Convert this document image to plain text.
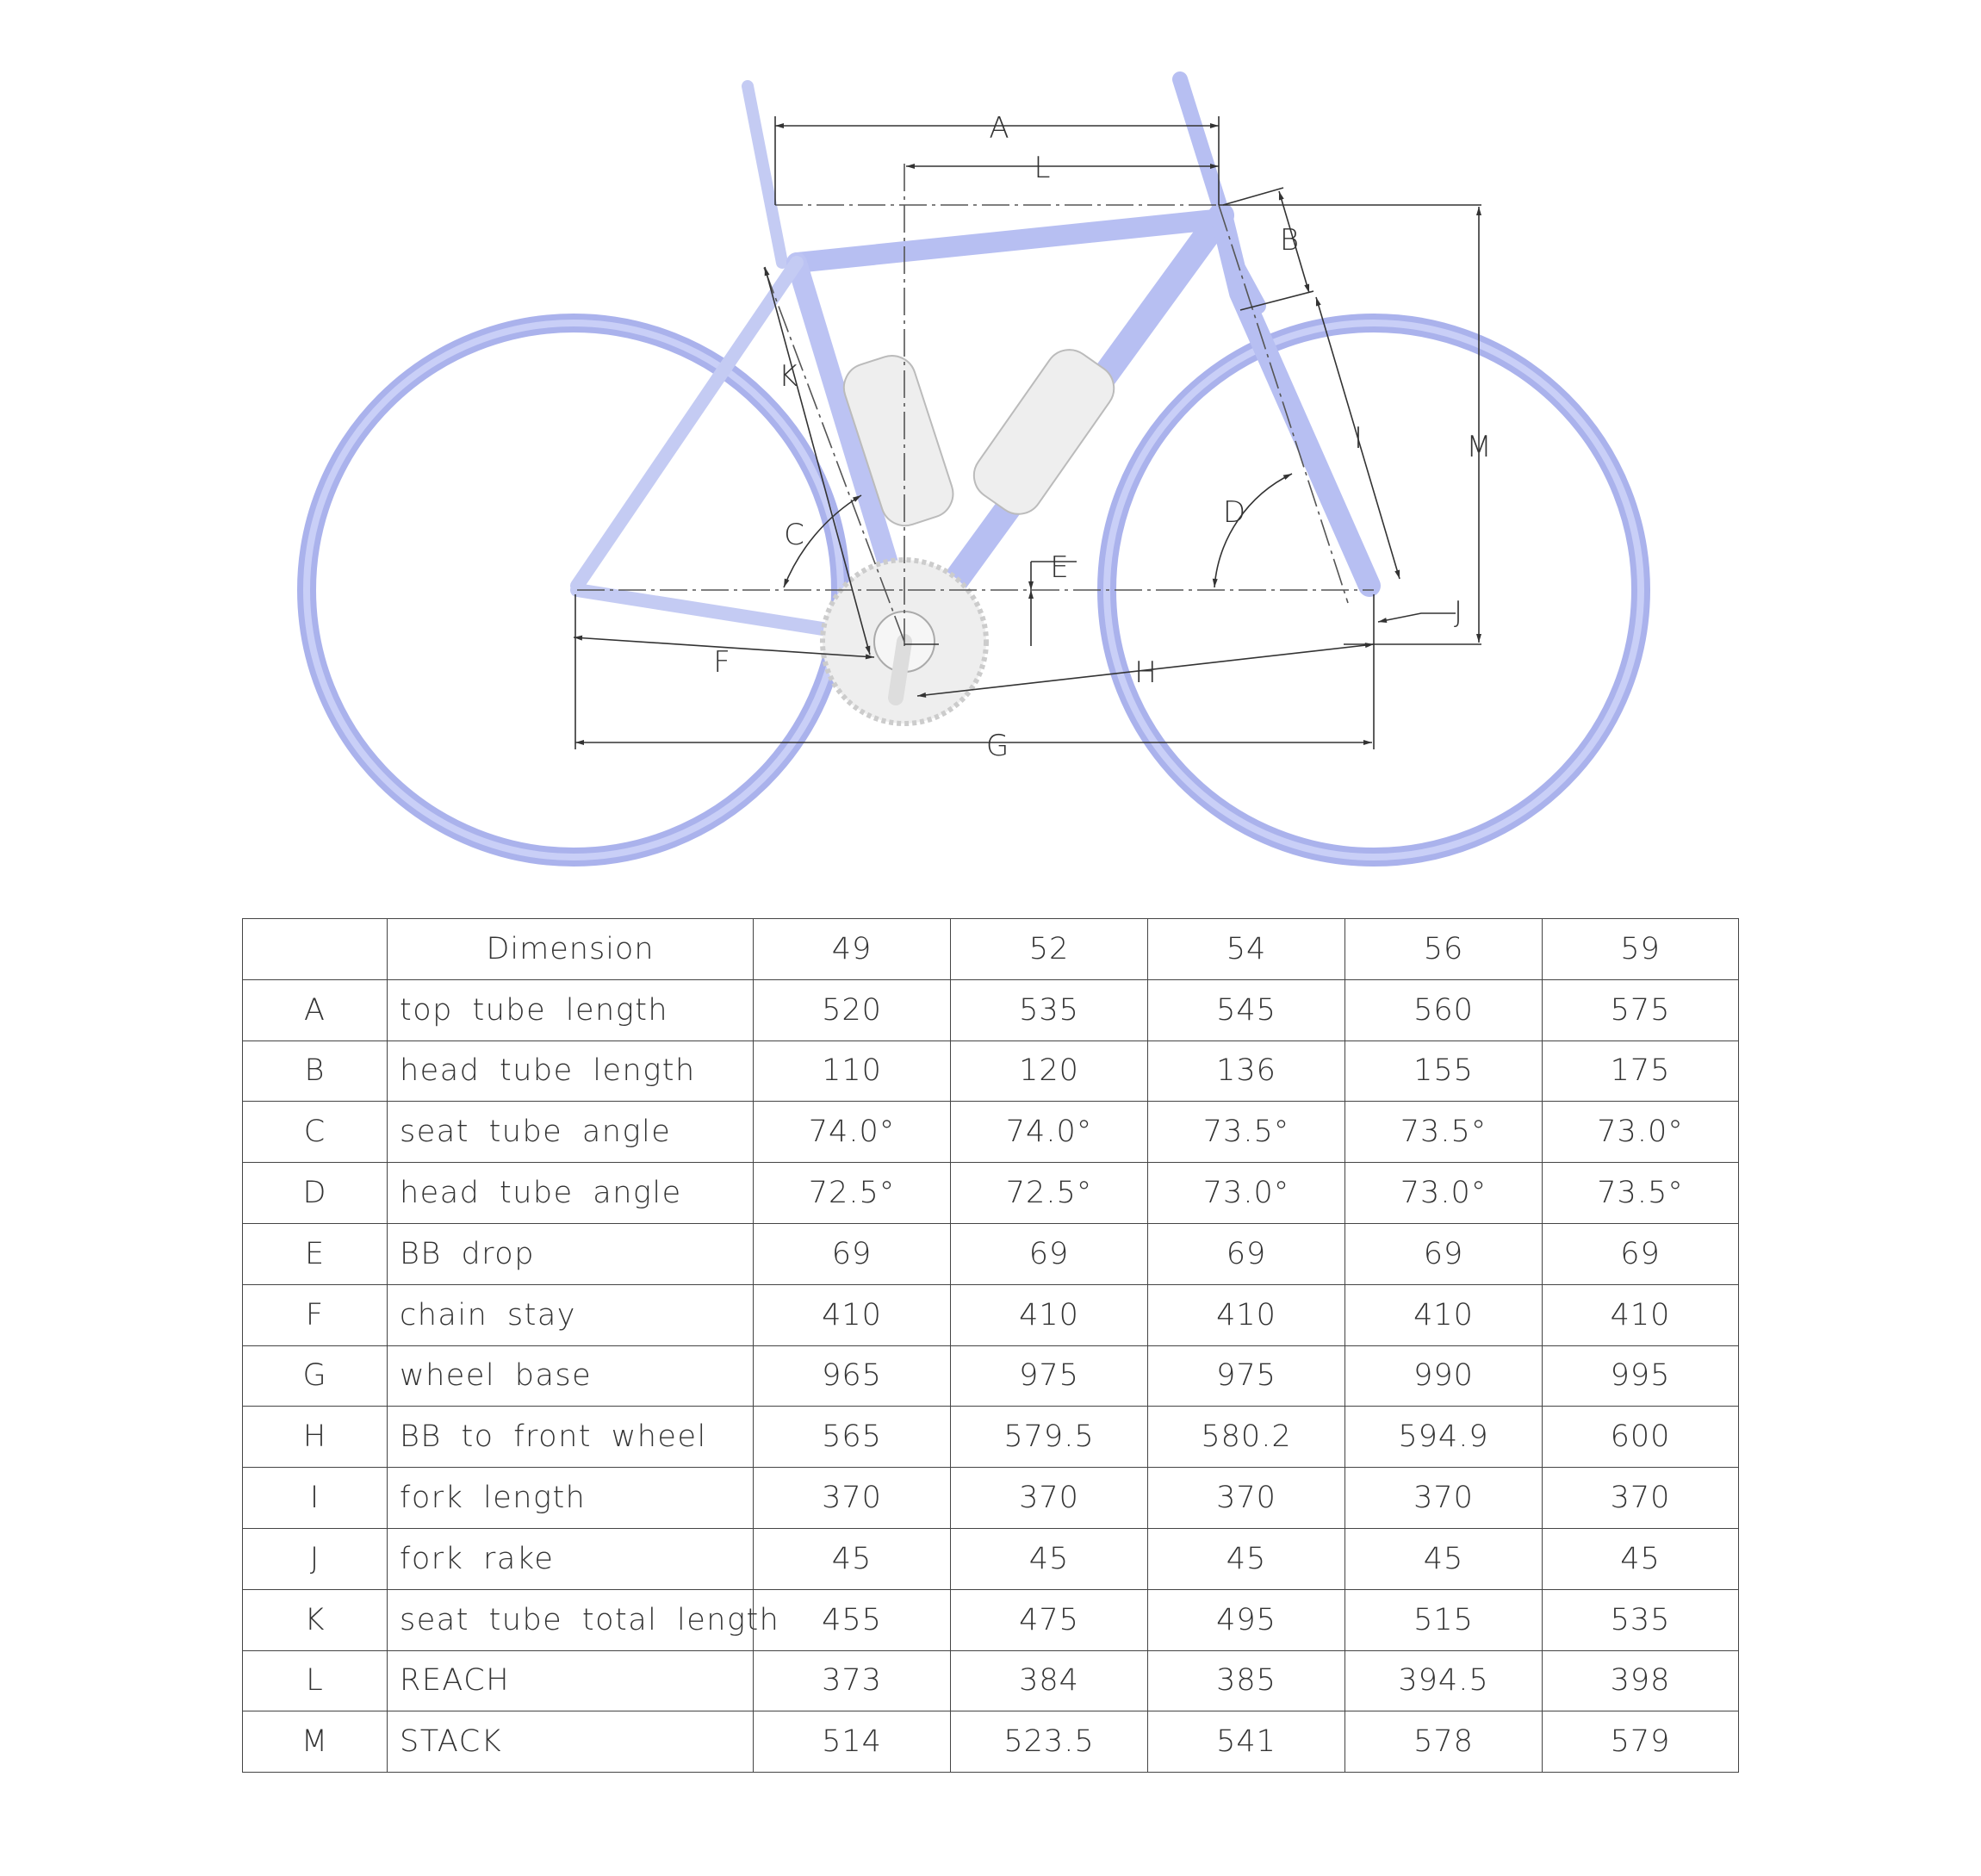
A
L
B
M
I
K
C
D
E
J
F	H
G
	Dimension	49	52	54	56	59
A	top tube length	520	535	545	560	575
B	head tube length	110	120	136	155	175
C	seat tube angle	74.0°	74.0°	73.5°	73.5°	73.0°
D	head tube angle	72.5°	72.5°	73.0°	73.0°	73.5°
E	BB drop	69	69	69	69	69
F	chain stay	410	410	410	410	410
G	wheel base	965	975	975	990	995
H	BB to front wheel	565	579.5	580.2	594.9	600
I	fork length	370	370	370	370	370
J	fork rake	45	45	45	45	45
K	seat tube total length	455	475	495	515	535
L	REACH	373	384	385	394.5	398
M	STACK	514	523.5	541	578	579
